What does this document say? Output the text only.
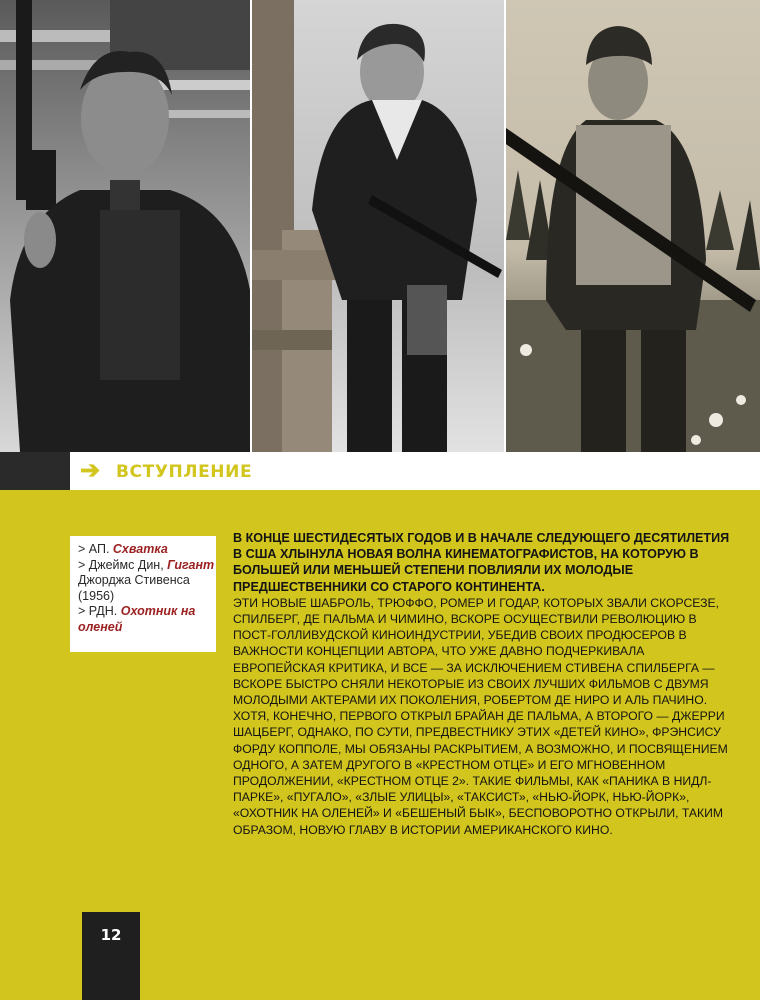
➔ ВСТУПЛЕНИЕ
> АП. Схватка
> Джеймс Дин, Гигант Джорджа Стивенса (1956)
> РДН. Охотник на оленей

В КОНЦЕ ШЕСТИДЕСЯТЫХ ГОДОВ И В НАЧАЛЕ СЛЕДУЮЩЕГО ДЕСЯТИЛЕТИЯ В США ХЛЫНУЛА НОВАЯ ВОЛНА КИНЕМАТОГРАФИСТОВ, НА КОТОРУЮ В БОЛЬШЕЙ ИЛИ МЕНЬШЕЙ СТЕПЕНИ ПОВЛИЯЛИ ИХ МОЛОДЫЕ ПРЕДШЕСТВЕННИКИ СО СТАРОГО КОНТИНЕНТА.

ЭТИ НОВЫЕ ШАБРОЛЬ, ТРЮФФО, РОМЕР И ГОДАР, КОТОРЫХ ЗВАЛИ СКОРСЕЗЕ, СПИЛБЕРГ, ДЕ ПАЛЬМА И ЧИМИНО, ВСКОРЕ ОСУЩЕСТВИЛИ РЕВОЛЮЦИЮ В ПОСТ-ГОЛЛИВУДСКОЙ КИНОИНДУСТРИИ, УБЕДИВ СВОИХ ПРОДЮСЕРОВ В ВАЖНОСТИ КОНЦЕПЦИИ АВТОРА, ЧТО УЖЕ ДАВНО ПОДЧЕРКИВАЛА ЕВРОПЕЙСКАЯ КРИТИКА, И ВСЕ — ЗА ИСКЛЮЧЕНИЕМ СТИВЕНА СПИЛБЕРГА — ВСКОРЕ БЫСТРО СНЯЛИ НЕКОТОРЫЕ ИЗ СВОИХ ЛУЧШИХ ФИЛЬМОВ С ДВУМЯ МОЛОДЫМИ АКТЕРАМИ ИХ ПОКОЛЕНИЯ, РОБЕРТОМ ДЕ НИРО И АЛЬ ПАЧИНО. ХОТЯ, КОНЕЧНО, ПЕРВОГО ОТКРЫЛ БРАЙАН ДЕ ПАЛЬМА, А ВТОРОГО — ДЖЕРРИ ШАЦБЕРГ, ОДНАКО, ПО СУТИ, ПРЕДВЕСТНИКУ ЭТИХ «ДЕТЕЙ КИНО», ФРЭНСИСУ ФОРДУ КОППОЛЕ, МЫ ОБЯЗАНЫ РАСКРЫТИЕМ, А ВОЗМОЖНО, И ПОСВЯЩЕНИЕМ ОДНОГО, А ЗАТЕМ ДРУГОГО В «КРЕСТНОМ ОТЦЕ» И ЕГО МГНОВЕННОМ ПРОДОЛЖЕНИИ, «КРЕСТНОМ ОТЦЕ 2». ТАКИЕ ФИЛЬМЫ, КАК «ПАНИКА В НИДЛ-ПАРКЕ», «ПУГАЛО», «ЗЛЫЕ УЛИЦЫ», «ТАКСИСТ», «НЬЮ-ЙОРК, НЬЮ-ЙОРК», «ОХОТНИК НА ОЛЕНЕЙ» И «БЕШЕНЫЙ БЫК», БЕСПОВОРОТНО ОТКРЫЛИ, ТАКИМ ОБРАЗОМ, НОВУЮ ГЛАВУ В ИСТОРИИ АМЕРИКАНСКОГО КИНО.

12
